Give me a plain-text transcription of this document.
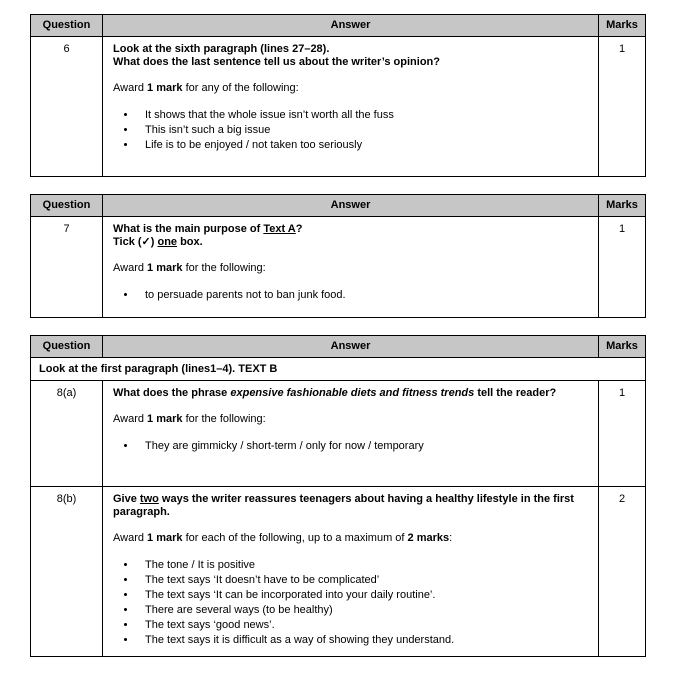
Question	Answer	Marks
6	Look at the sixth paragraph (lines 27–28).
What does the last sentence tell us about the writer’s opinion?

Award 1 mark for any of the following:

• It shows that the whole issue isn’t worth all the fuss
• This isn’t such a big issue
• Life is to be enjoyed / not taken too seriously
	1
Question	Answer	Marks
7	What is the main purpose of Text A?
Tick (✓) one box.

Award 1 mark for the following:

• to persuade parents not to ban junk food.
	1
Question	Answer	Marks
Look at the first paragraph (lines1–4). TEXT B		
8(a)	What does the phrase expensive fashionable diets and fitness trends tell the reader?

Award 1 mark for the following:

• They are gimmicky / short-term / only for now / temporary
	1
8(b)	Give two ways the writer reassures teenagers about having a healthy lifestyle in the first paragraph.

Award 1 mark for each of the following, up to a maximum of 2 marks:

• The tone / It is positive
• The text says ‘It doesn’t have to be complicated’
• The text says ‘It can be incorporated into your daily routine’.
• There are several ways (to be healthy)
• The text says ‘good news’.
• The text says it is difficult as a way of showing they understand.
	2
